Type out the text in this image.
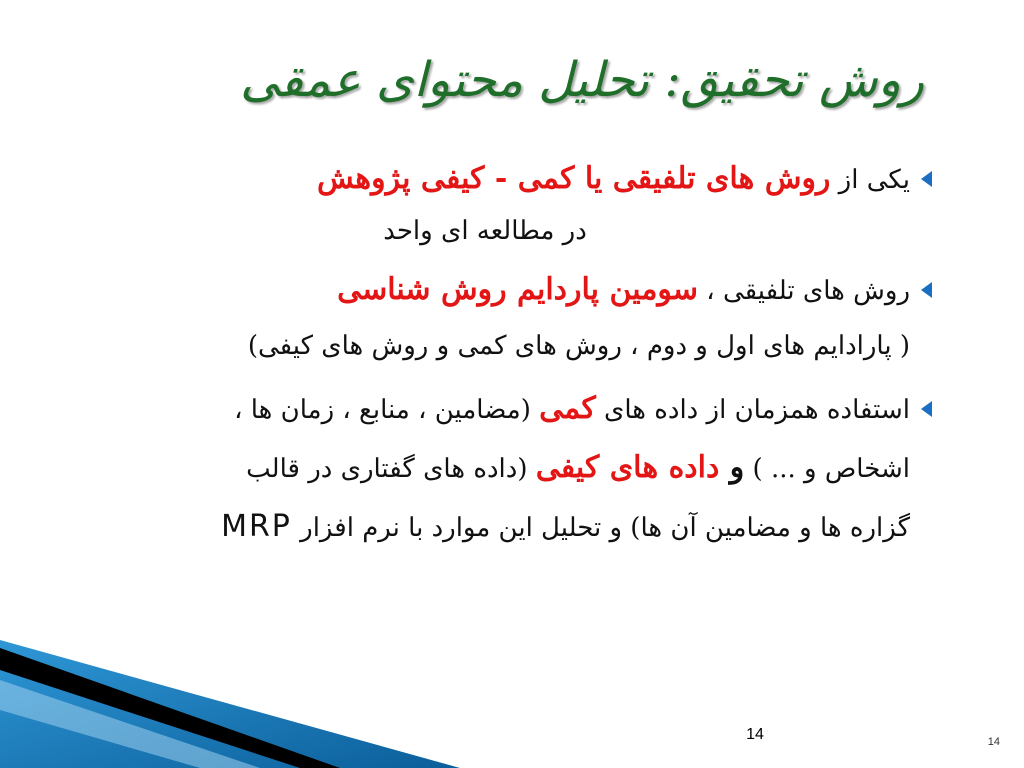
روش تحقیق: تحلیل محتوای عمقی
یکی از روش های تلفیقی یا کمی - کیفی پژوهش
در مطالعه ای واحد
روش های تلفیقی ، سومین پاردایم روش شناسی
( پارادایم های اول و دوم ، روش های کمی و روش های کیفی)
استفاده همزمان از داده های کمی (مضامین ، منابع ، زمان ها ،
اشخاص و ... ) و داده های کیفی (داده های گفتاری در قالب
گزاره ها و مضامین آن ها) و تحلیل این موارد با نرم افزار MRP
14	14
